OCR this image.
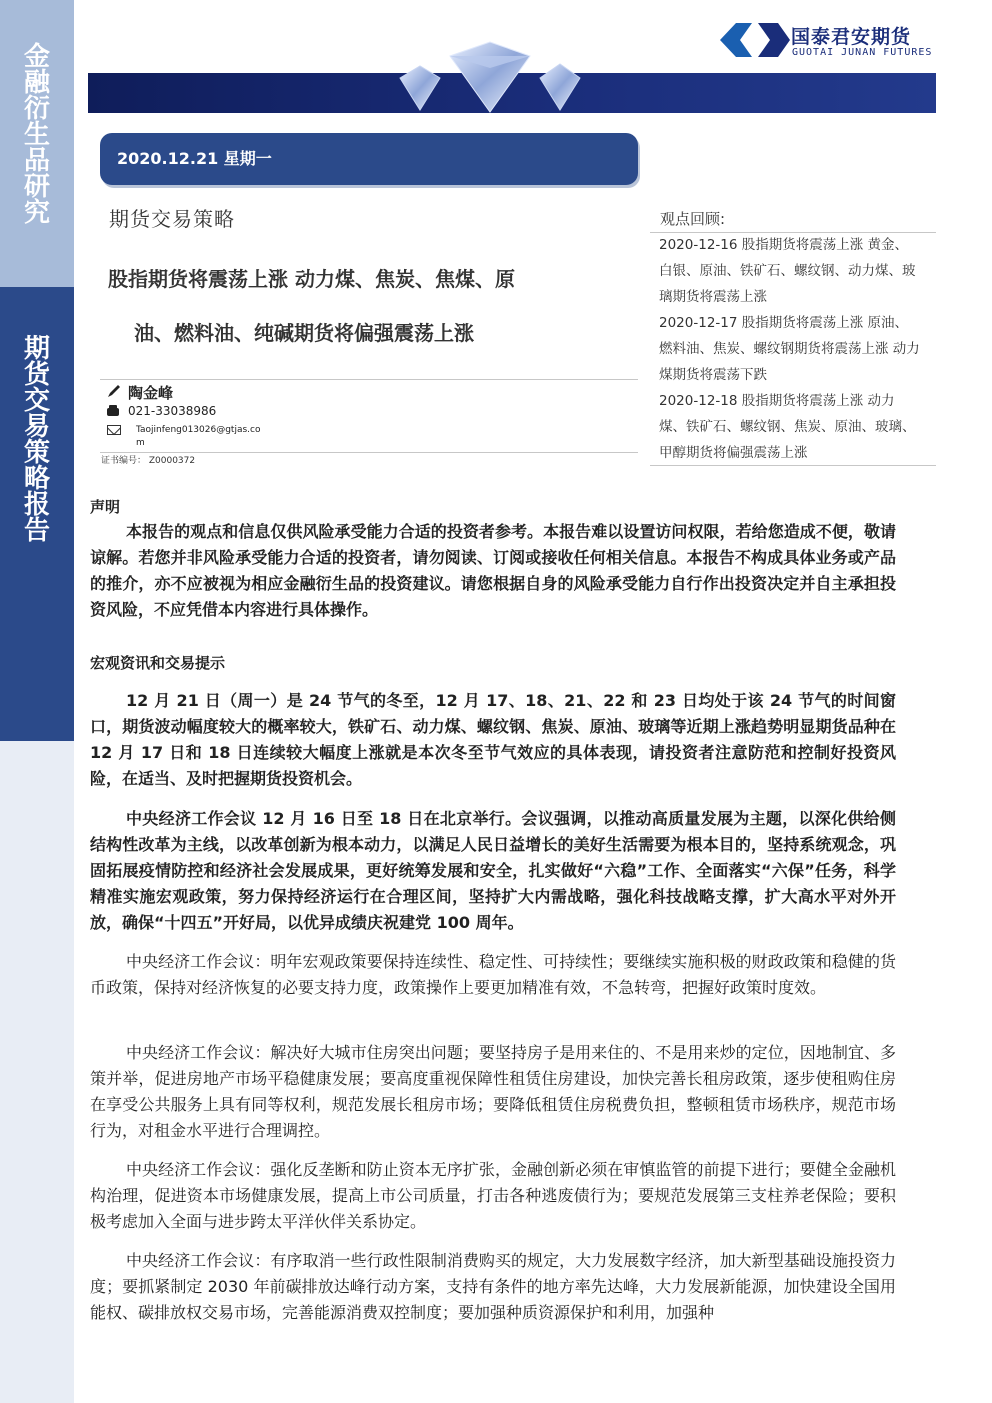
金
融
衍
生
品
研
究
期
货
交
易
策
略
报
告
国泰君安期货
GUOTAI JUNAN FUTURES
2020.12.21 星期一
期货交易策略
股指期货将震荡上涨 动力煤、焦炭、焦煤、原
油、燃料油、纯碱期货将偏强震荡上涨
陶金峰
021-33038986
Taojinfeng013026@gtjas.com
证书编号： Z0000372
观点回顾:
2020-12-16 股指期货将震荡上涨 黄金、白银、原油、铁矿石、螺纹钢、动力煤、玻璃期货将震荡上涨
2020-12-17 股指期货将震荡上涨 原油、燃料油、焦炭、螺纹钢期货将震荡上涨 动力煤期货将震荡下跌
2020-12-18 股指期货将震荡上涨 动力煤、铁矿石、螺纹钢、焦炭、原油、玻璃、甲醇期货将偏强震荡上涨
声明
本报告的观点和信息仅供风险承受能力合适的投资者参考。本报告难以设置访问权限，若给您造成不便，敬请谅解。若您并非风险承受能力合适的投资者，请勿阅读、订阅或接收任何相关信息。本报告不构成具体业务或产品的推介，亦不应被视为相应金融衍生品的投资建议。请您根据自身的风险承受能力自行作出投资决定并自主承担投资风险，不应凭借本内容进行具体操作。
宏观资讯和交易提示
12 月 21 日（周一）是 24 节气的冬至，12 月 17、18、21、22 和 23 日均处于该 24 节气的时间窗口，期货波动幅度较大的概率较大，铁矿石、动力煤、螺纹钢、焦炭、原油、玻璃等近期上涨趋势明显期货品种在 12 月 17 日和 18 日连续较大幅度上涨就是本次冬至节气效应的具体表现，请投资者注意防范和控制好投资风险，在适当、及时把握期货投资机会。
中央经济工作会议 12 月 16 日至 18 日在北京举行。会议强调，以推动高质量发展为主题，以深化供给侧结构性改革为主线，以改革创新为根本动力，以满足人民日益增长的美好生活需要为根本目的，坚持系统观念，巩固拓展疫情防控和经济社会发展成果，更好统筹发展和安全，扎实做好“六稳”工作、全面落实“六保”任务，科学精准实施宏观政策，努力保持经济运行在合理区间，坚持扩大内需战略，强化科技战略支撑，扩大高水平对外开放，确保“十四五”开好局，以优异成绩庆祝建党 100 周年。
中央经济工作会议：明年宏观政策要保持连续性、稳定性、可持续性；要继续实施积极的财政政策和稳健的货币政策，保持对经济恢复的必要支持力度，政策操作上要更加精准有效，不急转弯，把握好政策时度效。
中央经济工作会议：解决好大城市住房突出问题；要坚持房子是用来住的、不是用来炒的定位，因地制宜、多策并举，促进房地产市场平稳健康发展；要高度重视保障性租赁住房建设，加快完善长租房政策，逐步使租购住房在享受公共服务上具有同等权利，规范发展长租房市场；要降低租赁住房税费负担，整顿租赁市场秩序，规范市场行为，对租金水平进行合理调控。
中央经济工作会议：强化反垄断和防止资本无序扩张，金融创新必须在审慎监管的前提下进行；要健全金融机构治理，促进资本市场健康发展，提高上市公司质量，打击各种逃废债行为；要规范发展第三支柱养老保险；要积极考虑加入全面与进步跨太平洋伙伴关系协定。
中央经济工作会议：有序取消一些行政性限制消费购买的规定，大力发展数字经济，加大新型基础设施投资力度；要抓紧制定 2030 年前碳排放达峰行动方案，支持有条件的地方率先达峰，大力发展新能源，加快建设全国用能权、碳排放权交易市场，完善能源消费双控制度；要加强种质资源保护和利用，加强种
